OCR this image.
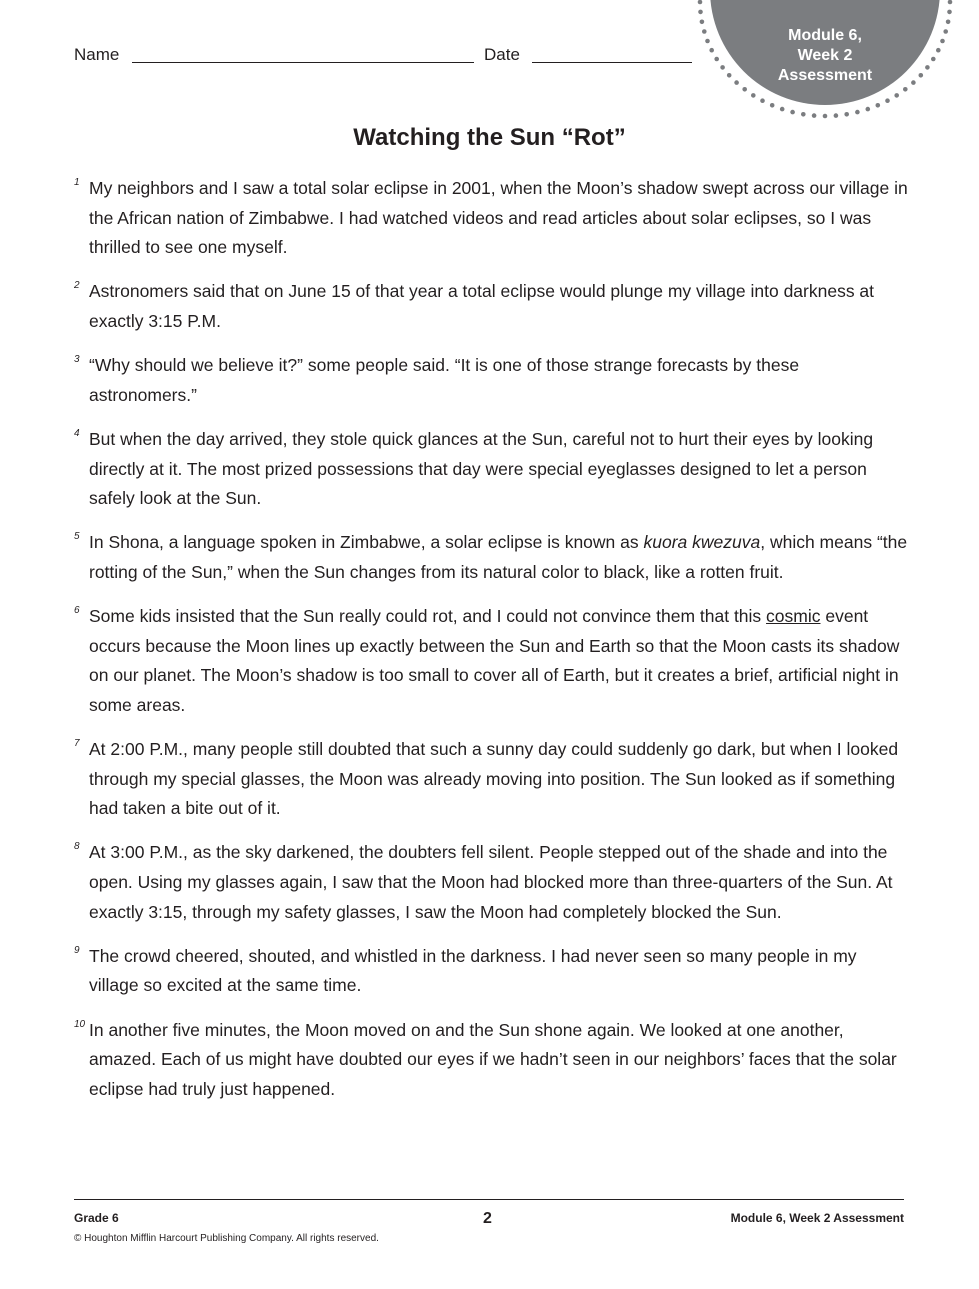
Module 6,
Week 2
Assessment
Name	Date
Watching the Sun “Rot”
1 My neighbors and I saw a total solar eclipse in 2001, when the Moon’s shadow swept across our village in the African nation of Zimbabwe. I had watched videos and read articles about solar eclipses, so I was thrilled to see one myself.
2 Astronomers said that on June 15 of that year a total eclipse would plunge my village into darkness at exactly 3:15 P.M.
3 “Why should we believe it?” some people said. “It is one of those strange forecasts by these astronomers.”
4 But when the day arrived, they stole quick glances at the Sun, careful not to hurt their eyes by looking directly at it. The most prized possessions that day were special eyeglasses designed to let a person safely look at the Sun.
5 In Shona, a language spoken in Zimbabwe, a solar eclipse is known as kuora kwezuva, which means “the rotting of the Sun,” when the Sun changes from its natural color to black, like a rotten fruit.
6 Some kids insisted that the Sun really could rot, and I could not convince them that this cosmic event occurs because the Moon lines up exactly between the Sun and Earth so that the Moon casts its shadow on our planet. The Moon’s shadow is too small to cover all of Earth, but it creates a brief, artificial night in some areas.
7 At 2:00 P.M., many people still doubted that such a sunny day could suddenly go dark, but when I looked through my special glasses, the Moon was already moving into position. The Sun looked as if something had taken a bite out of it.
8 At 3:00 P.M., as the sky darkened, the doubters fell silent. People stepped out of the shade and into the open. Using my glasses again, I saw that the Moon had blocked more than three-quarters of the Sun. At exactly 3:15, through my safety glasses, I saw the Moon had completely blocked the Sun.
9 The crowd cheered, shouted, and whistled in the darkness. I had never seen so many people in my village so excited at the same time.
10 In another five minutes, the Moon moved on and the Sun shone again. We looked at one another, amazed. Each of us might have doubted our eyes if we hadn’t seen in our neighbors’ faces that the solar eclipse had truly just happened.
Grade 6	2	Module 6, Week 2 Assessment
© Houghton Mifflin Harcourt Publishing Company. All rights reserved.
